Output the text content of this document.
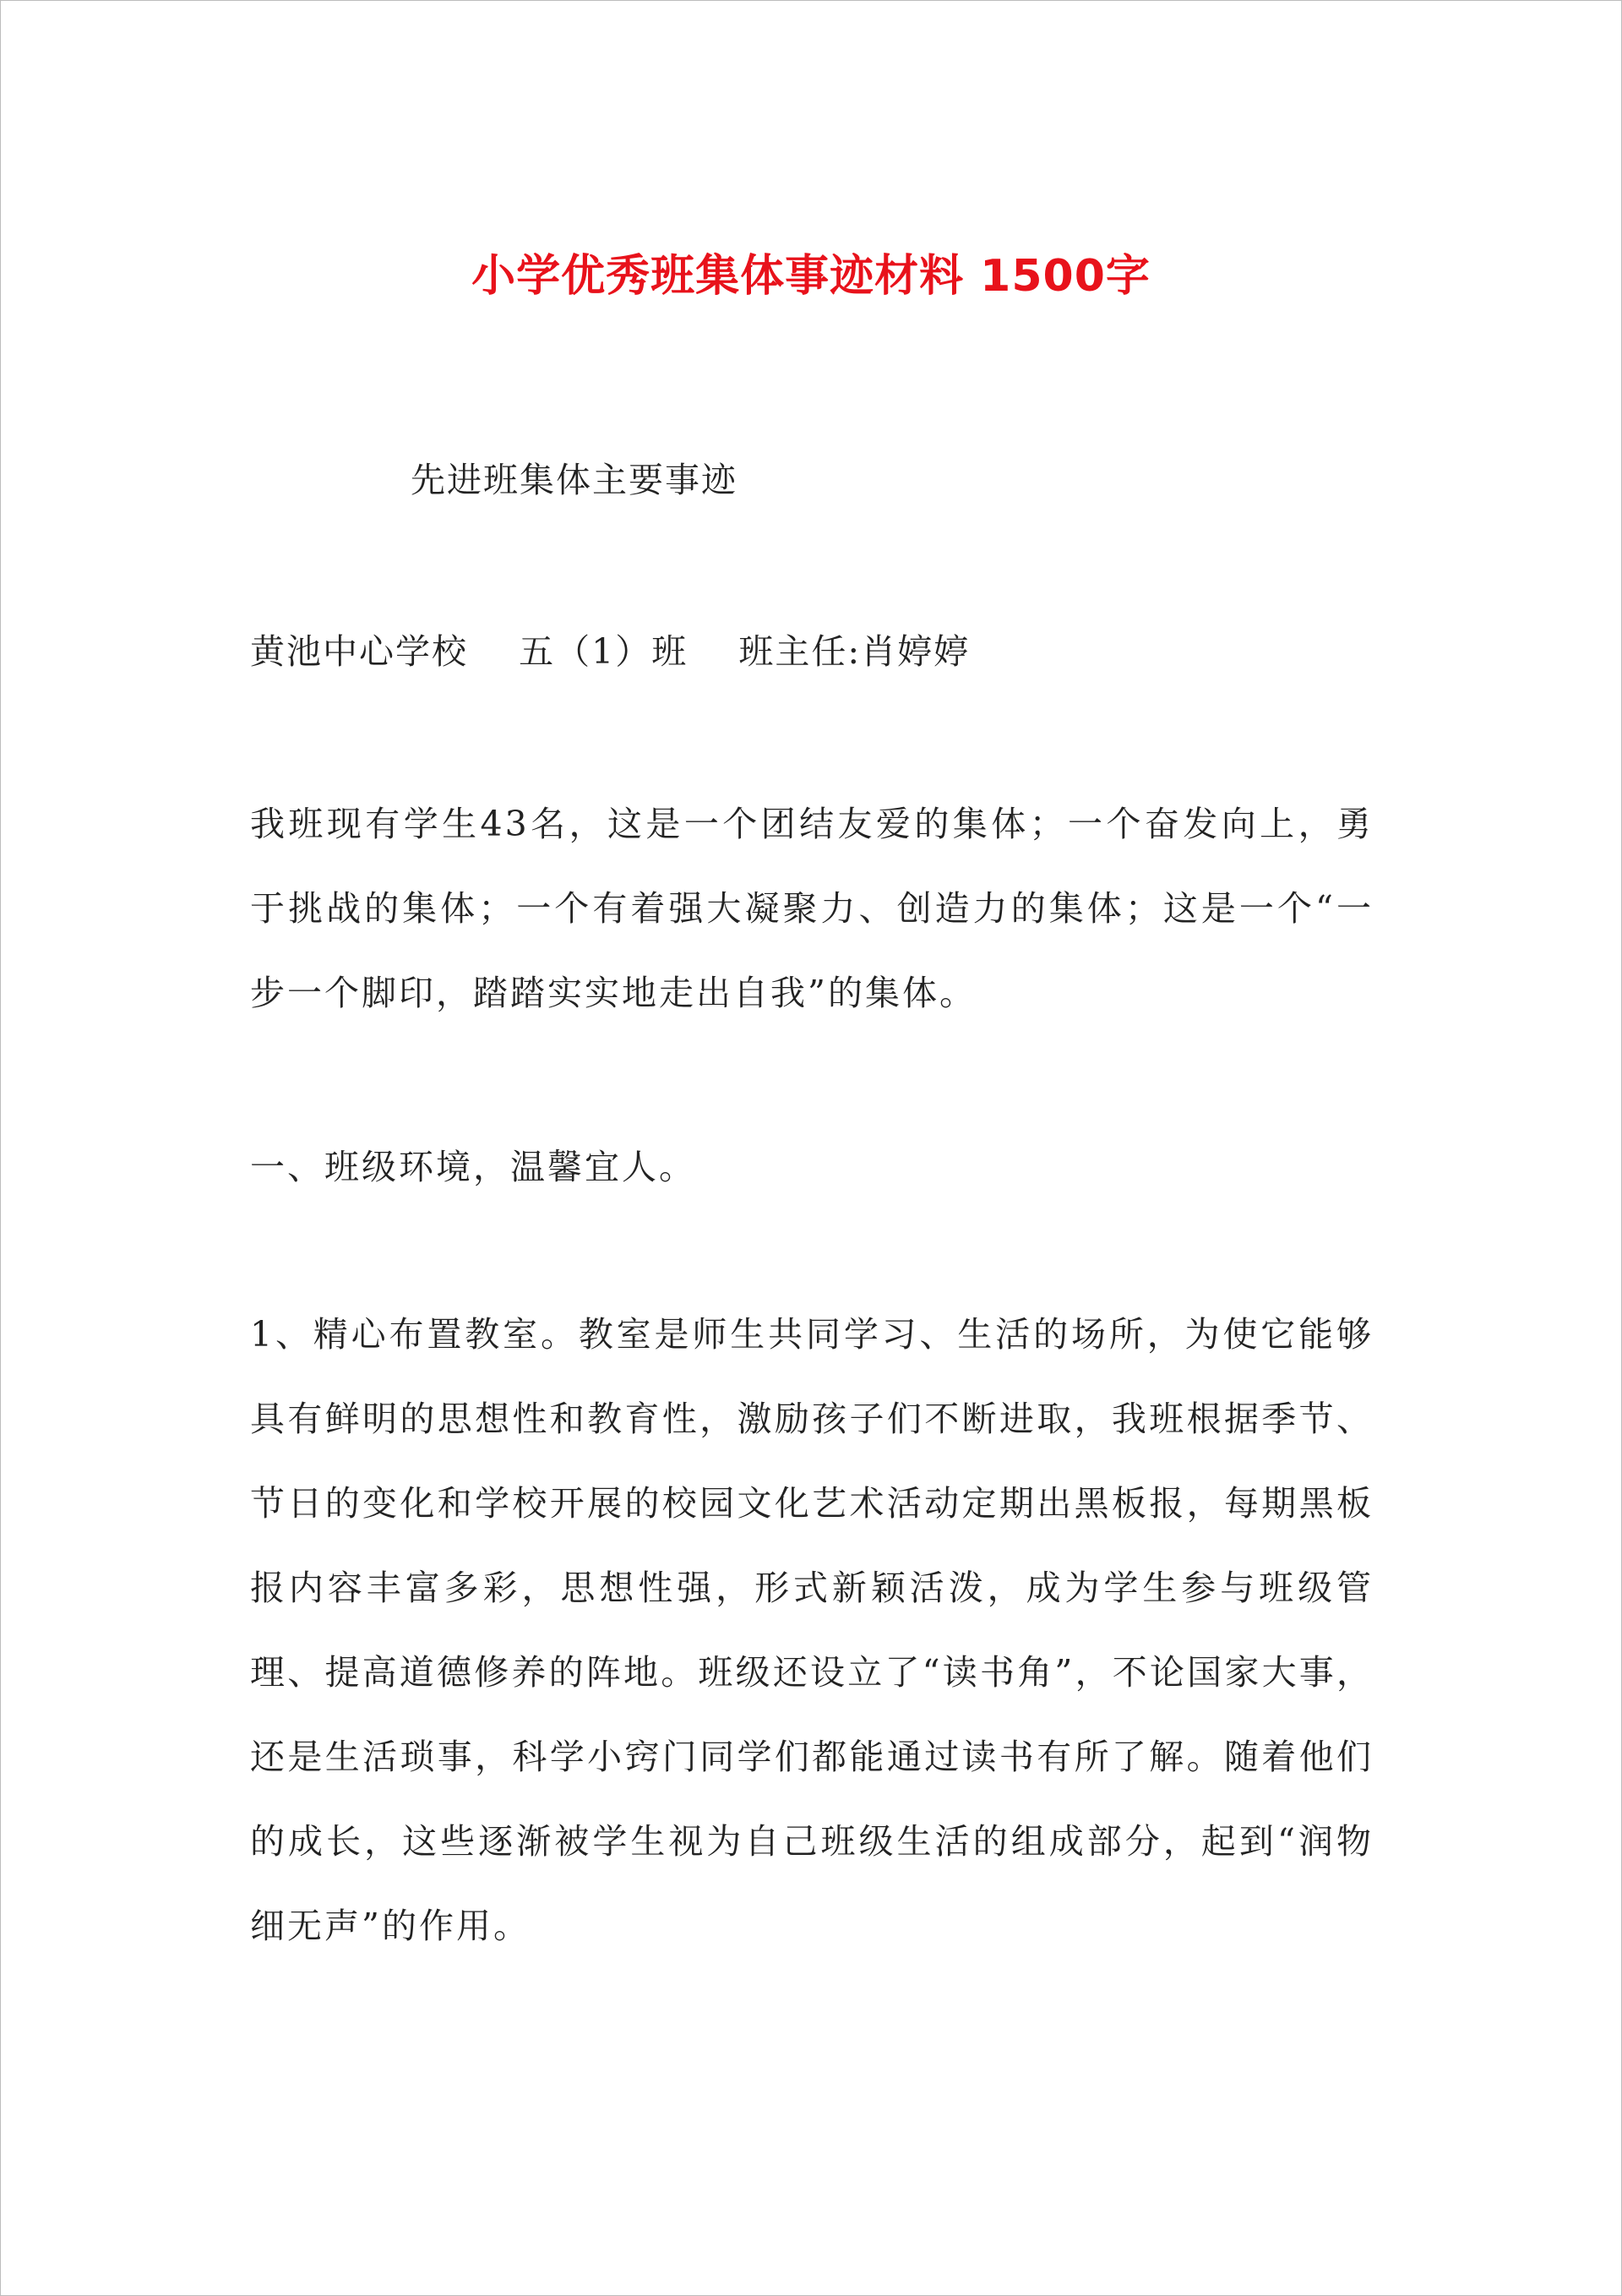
小学优秀班集体事迹材料 1500字
先进班集体主要事迹
黄池中心学校    五（1）班    班主任:肖婷婷
我班现有学生43名，这是一个团结友爱的集体；一个奋发向上，勇于挑战的集体；一个有着强大凝聚力、创造力的集体；这是一个“一步一个脚印，踏踏实实地走出自我”的集体。
一、班级环境，温馨宜人。
1、精心布置教室。教室是师生共同学习、生活的场所，为使它能够具有鲜明的思想性和教育性，激励孩子们不断进取，我班根据季节、节日的变化和学校开展的校园文化艺术活动定期出黑板报，每期黑板报内容丰富多彩，思想性强，形式新颖活泼，成为学生参与班级管理、提高道德修养的阵地。班级还设立了“读书角”，不论国家大事，还是生活琐事，科学小窍门同学们都能通过读书有所了解。随着他们的成长，这些逐渐被学生视为自己班级生活的组成部分，起到“润物细无声”的作用。
